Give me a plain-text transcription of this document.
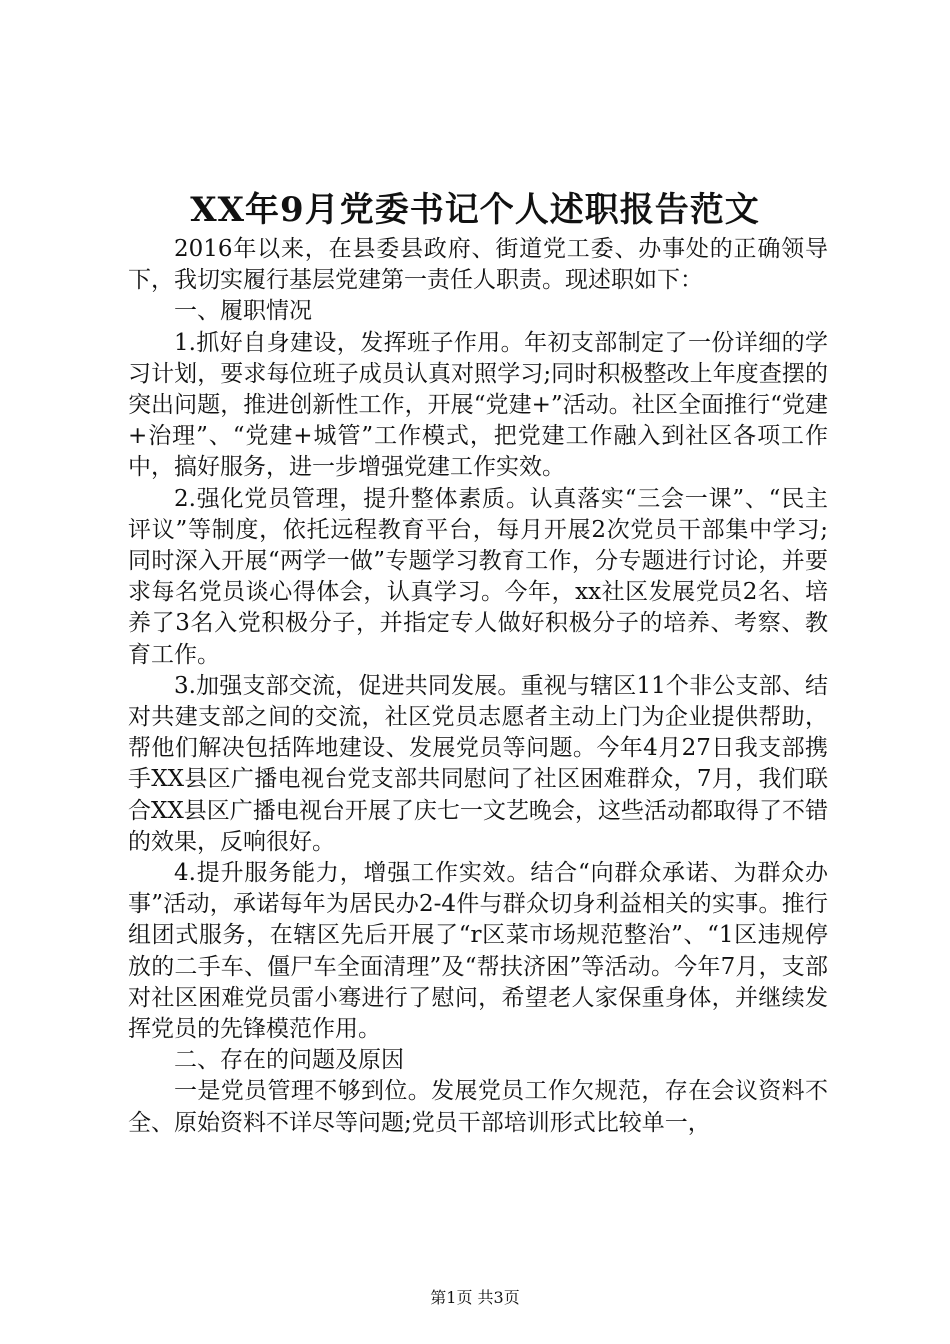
XX年9月党委书记个人述职报告范文

2016年以来，在县委县政府、街道党工委、办事处的正确领导下，我切实履行基层党建第一责任人职责。现述职如下：

一、履职情况

1.抓好自身建设，发挥班子作用。年初支部制定了一份详细的学习计划，要求每位班子成员认真对照学习;同时积极整改上年度查摆的突出问题，推进创新性工作，开展“党建+”活动。社区全面推行“党建+治理”、“党建+城管”工作模式，把党建工作融入到社区各项工作中，搞好服务，进一步增强党建工作实效。

2.强化党员管理，提升整体素质。认真落实“三会一课”、“民主评议”等制度，依托远程教育平台，每月开展2次党员干部集中学习;同时深入开展“两学一做”专题学习教育工作，分专题进行讨论，并要求每名党员谈心得体会，认真学习。今年，xx社区发展党员2名、培养了3名入党积极分子，并指定专人做好积极分子的培养、考察、教育工作。

3.加强支部交流，促进共同发展。重视与辖区11个非公支部、结对共建支部之间的交流，社区党员志愿者主动上门为企业提供帮助，帮他们解决包括阵地建设、发展党员等问题。今年4月27日我支部携手XX县区广播电视台党支部共同慰问了社区困难群众，7月，我们联合XX县区广播电视台开展了庆七一文艺晚会，这些活动都取得了不错的效果，反响很好。

4.提升服务能力，增强工作实效。结合“向群众承诺、为群众办事”活动，承诺每年为居民办2-4件与群众切身利益相关的实事。推行组团式服务，在辖区先后开展了“r区菜市场规范整治”、“1区违规停放的二手车、僵尸车全面清理”及“帮扶济困”等活动。今年7月，支部对社区困难党员雷小骞进行了慰问，希望老人家保重身体，并继续发挥党员的先锋模范作用。

二、存在的问题及原因

一是党员管理不够到位。发展党员工作欠规范，存在会议资料不全、原始资料不详尽等问题;党员干部培训形式比较单一，

第1页 共3页
